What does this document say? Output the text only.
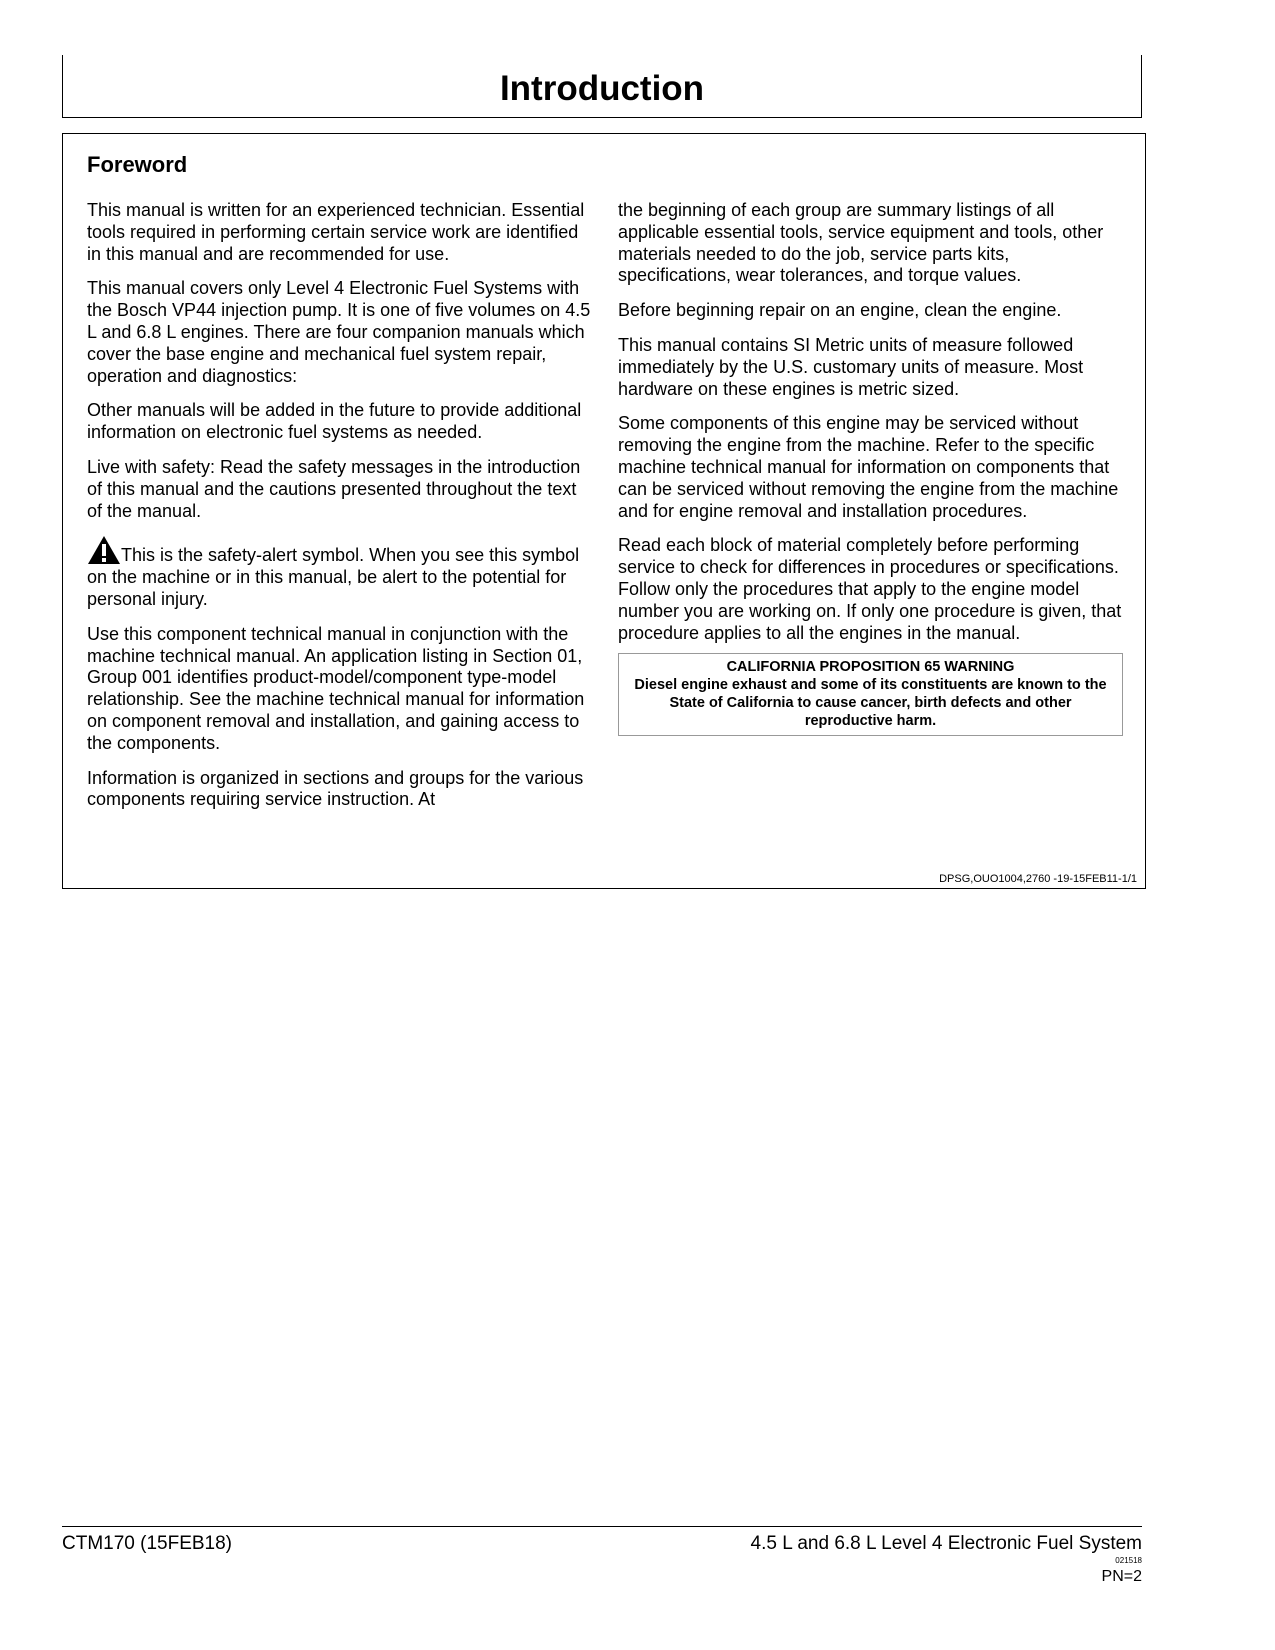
Introduction
Foreword

This manual is written for an experienced technician. Essential tools required in performing certain service work are identified in this manual and are recommended for use.

This manual covers only Level 4 Electronic Fuel Systems with the Bosch VP44 injection pump. It is one of five volumes on 4.5 L and 6.8 L engines. There are four companion manuals which cover the base engine and mechanical fuel system repair, operation and diagnostics:

Other manuals will be added in the future to provide additional information on electronic fuel systems as needed.

Live with safety: Read the safety messages in the introduction of this manual and the cautions presented throughout the text of the manual.

This is the safety-alert symbol. When you see this symbol on the machine or in this manual, be alert to the potential for personal injury.

Use this component technical manual in conjunction with the machine technical manual. An application listing in Section 01, Group 001 identifies product-model/component type-model relationship. See the machine technical manual for information on component removal and installation, and gaining access to the components.

Information is organized in sections and groups for the various components requiring service instruction. At

the beginning of each group are summary listings of all applicable essential tools, service equipment and tools, other materials needed to do the job, service parts kits, specifications, wear tolerances, and torque values.

Before beginning repair on an engine, clean the engine.

This manual contains SI Metric units of measure followed immediately by the U.S. customary units of measure. Most hardware on these engines is metric sized.

Some components of this engine may be serviced without removing the engine from the machine. Refer to the specific machine technical manual for information on components that can be serviced without removing the engine from the machine and for engine removal and installation procedures.

Read each block of material completely before performing service to check for differences in procedures or specifications. Follow only the procedures that apply to the engine model number you are working on. If only one procedure is given, that procedure applies to all the engines in the manual.

CALIFORNIA PROPOSITION 65 WARNING
Diesel engine exhaust and some of its constituents are known to the State of California to cause cancer, birth defects and other reproductive harm.
DPSG,OUO1004,2760 -19-15FEB11-1/1
CTM170 (15FEB18)	4.5 L and 6.8 L Level 4 Electronic Fuel System
021518
PN=2
